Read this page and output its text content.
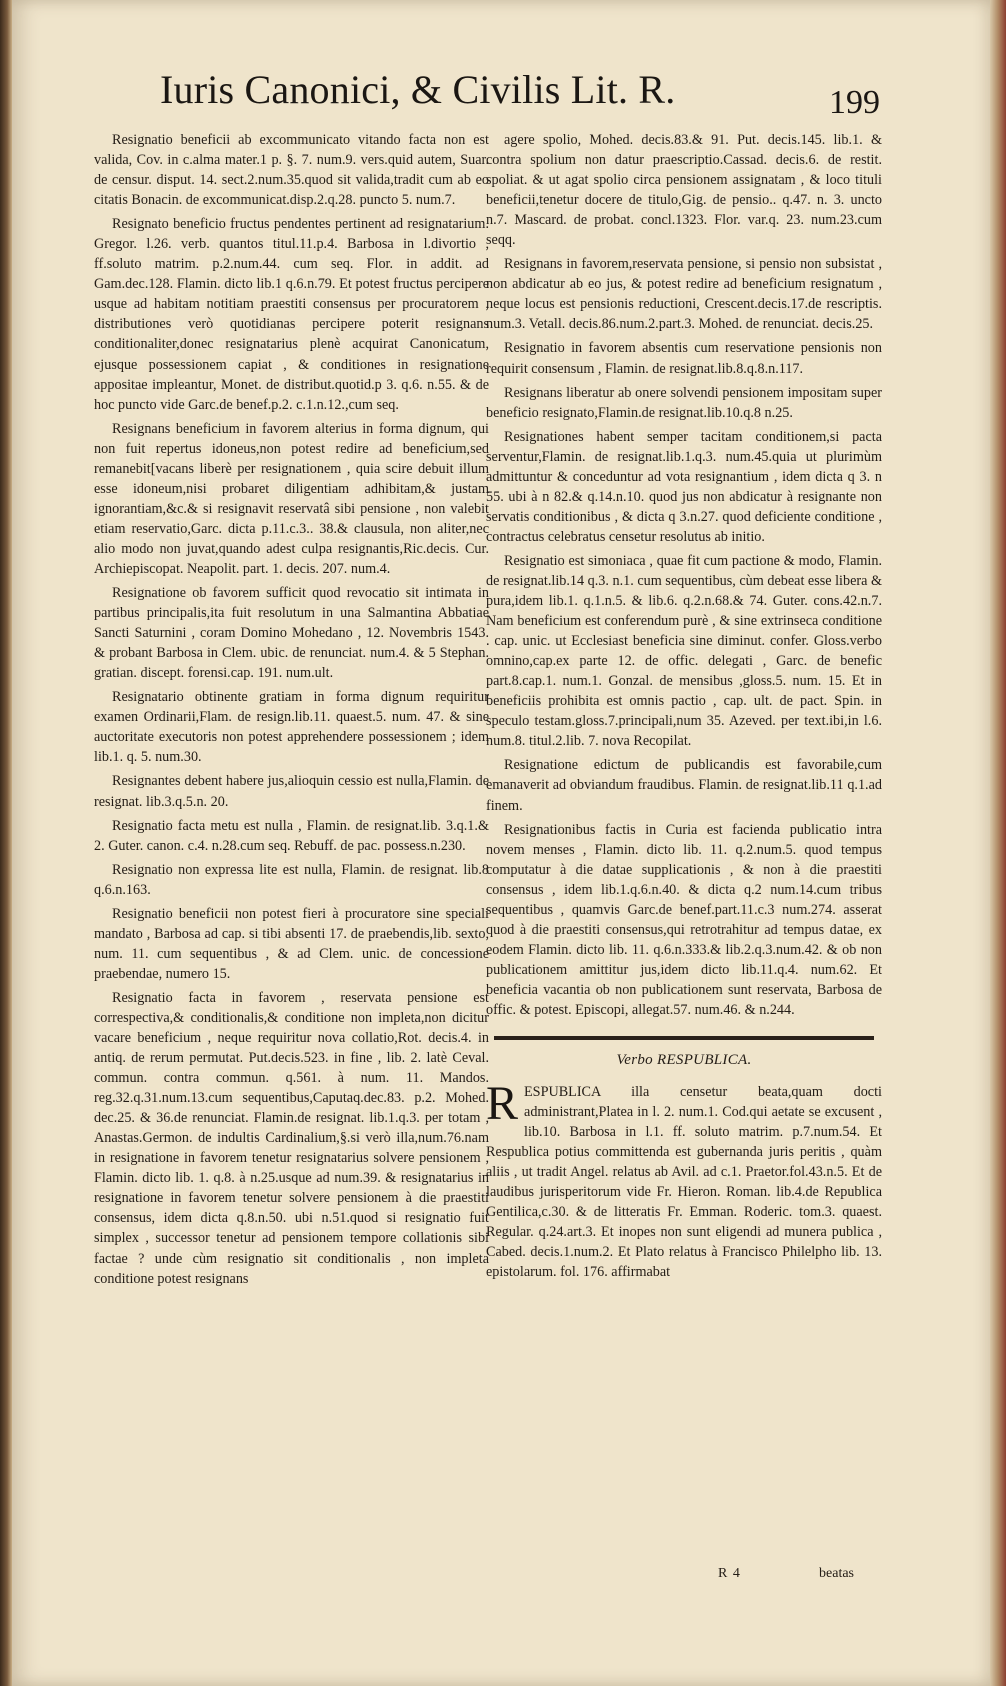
Iuris Canonici, & Civilis Lit. R.	199

Resignatio beneficii ab excommunicato vitando facta non est valida, Cov. in c.alma mater.1 p. §. 7. num.9. vers.quid autem, Suar. de censur. disput. 14. sect.2.num.35.quod sit valida,tradit cum ab eo citatis Bonacin. de excommunicat.disp.2.q.28. puncto 5. num.7.

Resignato beneficio fructus pendentes pertinent ad resignatarium. Gregor. l.26. verb. quantos titul.11.p.4. Barbosa in l.divortio , ff.soluto matrim. p.2.num.44. cum seq. Flor. in addit. ad Gam.dec.128. Flamin. dicto lib.1 q.6.n.79. Et potest fructus percipere usque ad habitam notitiam praestiti consensus per procuratorem , distributiones verò quotidianas percipere poterit resignans conditionaliter,donec resignatarius plenè acquirat Canonicatum, ejusque possessionem capiat , & conditiones in resignatione appositae impleantur, Monet. de distribut.quotid.p 3. q.6. n.55. & de hoc puncto vide Garc.de benef.p.2. c.1.n.12.,cum seq.

Resignans beneficium in favorem alterius in forma dignum, qui non fuit repertus idoneus,non potest redire ad beneficium,sed remanebit[vacans liberè per resignationem , quia scire debuit illum esse idoneum,nisi probaret diligentiam adhibitam,& justam ignorantiam,&c.& si resignavit reservatâ sibi pensione , non valebit etiam reservatio,Garc. dicta p.11.c.3.. 38.& clausula, non aliter,nec alio modo non juvat,quando adest culpa resignantis,Ric.decis. Cur. Archiepiscopat. Neapolit. part. 1. decis. 207. num.4.

Resignatione ob favorem sufficit quod revocatio sit intimata in partibus principalis,ita fuit resolutum in una Salmantina Abbatiae Sancti Saturnini , coram Domino Mohedano , 12. Novembris 1543. & probant Barbosa in Clem. ubic. de renunciat. num.4. & 5 Stephan. gratian. discept. forensi.cap. 191. num.ult.

Resignatario obtinente gratiam in forma dignum requiritur examen Ordinarii,Flam. de resign.lib.11. quaest.5. num. 47. & sine auctoritate executoris non potest apprehendere possessionem ; idem lib.1. q. 5. num.30.

Resignantes debent habere jus,alioquin cessio est nulla,Flamin. de resignat. lib.3.q.5.n. 20.

Resignatio facta metu est nulla , Flamin. de resignat.lib. 3.q.1.& 2. Guter. canon. c.4. n.28.cum seq. Rebuff. de pac. possess.n.230.

Resignatio non expressa lite est nulla, Flamin. de resignat. lib.8 q.6.n.163.

Resignatio beneficii non potest fieri à procuratore sine speciali mandato , Barbosa ad cap. si tibi absenti 17. de praebendis,lib. sexto, num. 11. cum sequentibus , & ad Clem. unic. de concessione praebendae, numero 15.

Resignatio facta in favorem , reservata pensione est correspectiva,& conditionalis,& conditione non impleta,non dicitur vacare beneficium , neque requiritur nova collatio,Rot. decis.4. in antiq. de rerum permutat. Put.decis.523. in fine , lib. 2. latè Ceval. commun. contra commun. q.561. à num. 11. Mandos. reg.32.q.31.num.13.cum sequentibus,Caputaq.dec.83. p.2. Mohed. dec.25. & 36.de renunciat. Flamin.de resignat. lib.1.q.3. per totam , Anastas.Germon. de indultis Cardinalium,§.si verò illa,num.76.nam in resignatione in favorem tenetur resignatarius solvere pensionem , Flamin. dicto lib. 1. q.8. à n.25.usque ad num.39. & resignatarius in resignatione in favorem tenetur solvere pensionem à die praestiti consensus, idem dicta q.8.n.50. ubi n.51.quod si resignatio fuit simplex , successor tenetur ad pensionem tempore collationis sibi factae ? unde cùm resignatio sit conditionalis , non impleta conditione potest resignans

agere spolio, Mohed. decis.83.& 91. Put. decis.145. lib.1. & contra spolium non datur praescriptio.Cassad. decis.6. de restit. spoliat. & ut agat spolio circa pensionem assignatam , & loco tituli beneficii,tenetur docere de titulo,Gig. de pensio.. q.47. n. 3. uncto n.7. Mascard. de probat. concl.1323. Flor. var.q. 23. num.23.cum seqq.

Resignans in favorem,reservata pensione, si pensio non subsistat , non abdicatur ab eo jus, & potest redire ad beneficium resignatum , neque locus est pensionis reductioni, Crescent.decis.17.de rescriptis. num.3. Vetall. decis.86.num.2.part.3. Mohed. de renunciat. decis.25.

Resignatio in favorem absentis cum reservatione pensionis non requirit consensum , Flamin. de resignat.lib.8.q.8.n.117.

Resignans liberatur ab onere solvendi pensionem impositam super beneficio resignato,Flamin.de resignat.lib.10.q.8 n.25.

Resignationes habent semper tacitam conditionem,si pacta serventur,Flamin. de resignat.lib.1.q.3. num.45.quia ut plurimùm admittuntur & conceduntur ad vota resignantium , idem dicta q 3. n 55. ubi à n 82.& q.14.n.10. quod jus non abdicatur à resignante non servatis conditionibus , & dicta q 3.n.27. quod deficiente conditione , contractus celebratus censetur resolutus ab initio.

Resignatio est simoniaca , quae fit cum pactione & modo, Flamin. de resignat.lib.14 q.3. n.1. cum sequentibus, cùm debeat esse libera & pura,idem lib.1. q.1.n.5. & lib.6. q.2.n.68.& 74. Guter. cons.42.n.7. Nam beneficium est conferendum purè , & sine extrinseca conditione . cap. unic. ut Ecclesiast beneficia sine diminut. confer. Gloss.verbo omnino,cap.ex parte 12. de offic. delegati , Garc. de benefic part.8.cap.1. num.1. Gonzal. de mensibus ,gloss.5. num. 15. Et in beneficiis prohibita est omnis pactio , cap. ult. de pact. Spin. in speculo testam.gloss.7.principali,num 35. Azeved. per text.ibi,in l.6. num.8. titul.2.lib. 7. nova Recopilat.

Resignatione edictum de publicandis est favorabile,cum emanaverit ad obviandum fraudibus. Flamin. de resignat.lib.11 q.1.ad finem.

Resignationibus factis in Curia est facienda publicatio intra novem menses , Flamin. dicto lib. 11. q.2.num.5. quod tempus computatur à die datae supplicationis , & non à die praestiti consensus , idem lib.1.q.6.n.40. & dicta q.2 num.14.cum tribus sequentibus , quamvis Garc.de benef.part.11.c.3 num.274. asserat quod à die praestiti consensus,qui retrotrahitur ad tempus datae, ex eodem Flamin. dicto lib. 11. q.6.n.333.& lib.2.q.3.num.42. & ob non publicationem amittitur jus,idem dicto lib.11.q.4. num.62. Et beneficia vacantia ob non publicationem sunt reservata, Barbosa de offic. & potest. Episcopi, allegat.57. num.46. & n.244.

Verbo RESPUBLICA.

R ESPUBLICA illa censetur beata,quam docti administrant,Platea in l. 2. num.1. Cod.qui aetate se excusent , lib.10. Barbosa in l.1. ff. soluto matrim. p.7.num.54. Et Respublica potius committenda est gubernanda juris peritis , quàm aliis , ut tradit Angel. relatus ab Avil. ad c.1. Praetor.fol.43.n.5. Et de laudibus jurisperitorum vide Fr. Hieron. Roman. lib.4.de Republica Gentilica,c.30. & de litteratis Fr. Emman. Roderic. tom.3. quaest. Regular. q.24.art.3. Et inopes non sunt eligendi ad munera publica , Cabed. decis.1.num.2. Et Plato relatus à Francisco Philelpho lib. 13. epistolarum. fol. 176. affirmabat

R 4	beatas
